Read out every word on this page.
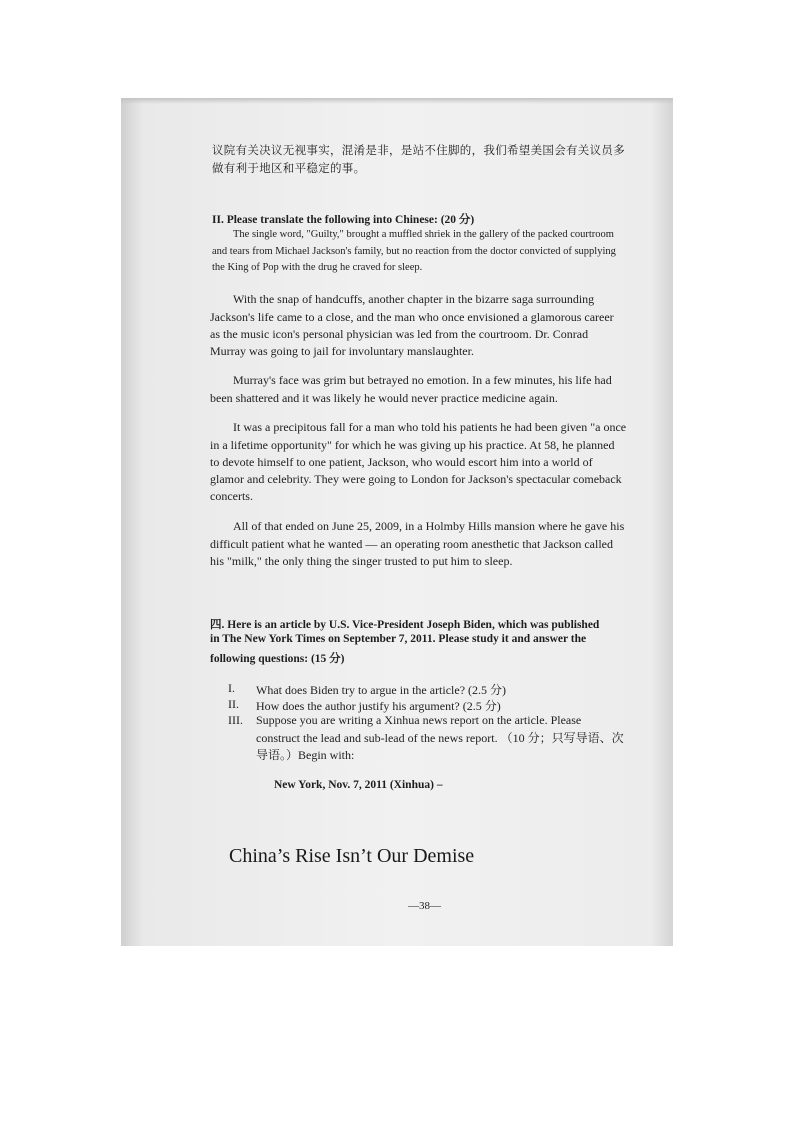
议院有关决议无视事实，混淆是非，是站不住脚的，我们希望美国会有关议员多

做有利于地区和平稳定的事。

II. Please translate the following into Chinese: (20 分)

The single word, "Guilty," brought a muffled shriek in the gallery of the packed courtroom

and tears from Michael Jackson's family, but no reaction from the doctor convicted of supplying

the King of Pop with the drug he craved for sleep.

With the snap of handcuffs, another chapter in the bizarre saga surrounding

Jackson's life came to a close, and the man who once envisioned a glamorous career

as the music icon's personal physician was led from the courtroom. Dr. Conrad

Murray was going to jail for involuntary manslaughter.

Murray's face was grim but betrayed no emotion. In a few minutes, his life had

been shattered and it was likely he would never practice medicine again.

It was a precipitous fall for a man who told his patients he had been given "a once

in a lifetime opportunity" for which he was giving up his practice. At 58, he planned

to devote himself to one patient, Jackson, who would escort him into a world of

glamor and celebrity. They were going to London for Jackson's spectacular comeback

concerts.

All of that ended on June 25, 2009, in a Holmby Hills mansion where he gave his

difficult patient what he wanted — an operating room anesthetic that Jackson called

his "milk," the only thing the singer trusted to put him to sleep.

四. Here is an article by U.S. Vice-President Joseph Biden, which was published

in The New York Times on September 7, 2011. Please study it and answer the

following questions: (15 分)

I. What does Biden try to argue in the article? (2.5 分)
II. How does the author justify his argument? (2.5 分)
III. Suppose you are writing a Xinhua news report on the article. Please
construct the lead and sub-lead of the news report. （10 分；只写导语、次
导语。）Begin with:

New York, Nov. 7, 2011 (Xinhua) –

China’s Rise Isn’t Our Demise

—38—
